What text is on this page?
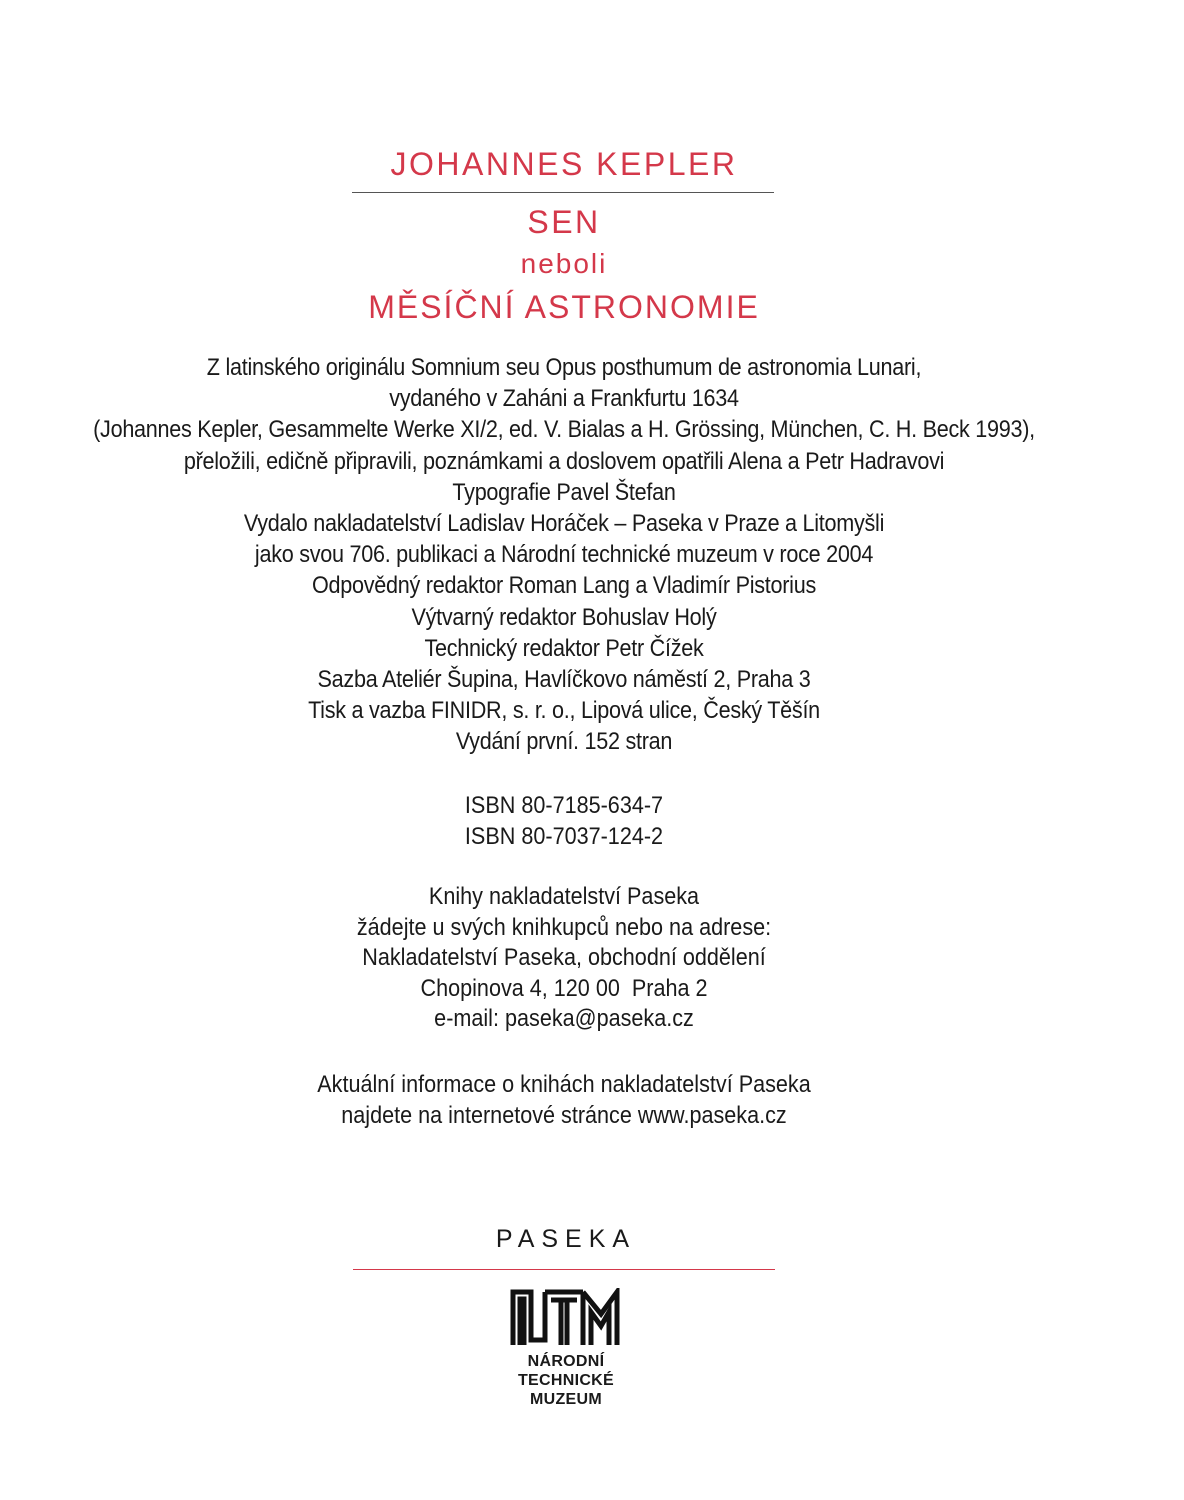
JOHANNES KEPLER
SEN
neboli
MĚSÍČNÍ ASTRONOMIE
Z latinského originálu Somnium seu Opus posthumum de astronomia Lunari,
vydaného v Zaháni a Frankfurtu 1634
(Johannes Kepler, Gesammelte Werke XI/2, ed. V. Bialas a H. Grössing, München, C. H. Beck 1993),
přeložili, edičně připravili, poznámkami a doslovem opatřili Alena a Petr Hadravovi
Typografie Pavel Štefan
Vydalo nakladatelství Ladislav Horáček – Paseka v Praze a Litomyšli
jako svou 706. publikaci a Národní technické muzeum v roce 2004
Odpovědný redaktor Roman Lang a Vladimír Pistorius
Výtvarný redaktor Bohuslav Holý
Technický redaktor Petr Čížek
Sazba Ateliér Šupina, Havlíčkovo náměstí 2, Praha 3
Tisk a vazba FINIDR, s. r. o., Lipová ulice, Český Těšín
Vydání první. 152 stran
ISBN 80-7185-634-7
ISBN 80-7037-124-2
Knihy nakladatelství Paseka
žádejte u svých knihkupců nebo na adrese:
Nakladatelství Paseka, obchodní oddělení
Chopinova 4, 120 00  Praha 2
e-mail: paseka@paseka.cz
Aktuální informace o knihách nakladatelství Paseka
najdete na internetové stránce www.paseka.cz
PASEKA
NÁRODNÍ
TECHNICKÉ
MUZEUM
